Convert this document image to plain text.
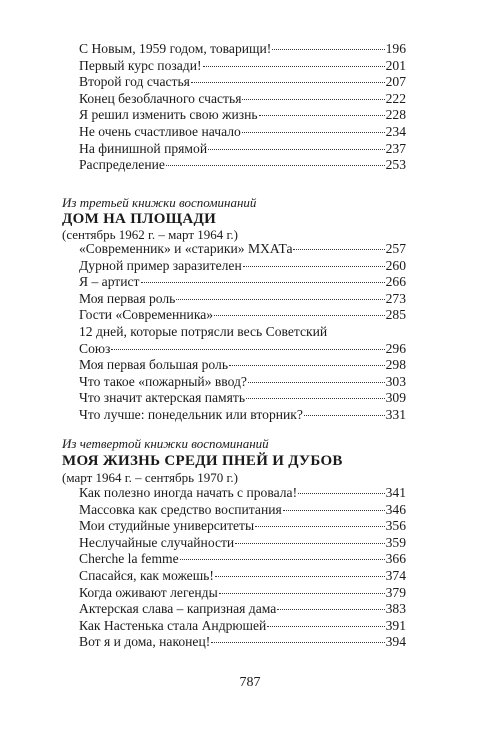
С Новым, 1959 годом, товарищи!	196
Первый курс позади!	201
Второй год счастья	207
Конец безоблачного счастья	222
Я решил изменить свою жизнь	228
Не очень счастливое начало	234
На финишной прямой	237
Распределение	253
Из третьей книжки воспоминаний
ДОМ НА ПЛОЩАДИ
(сентябрь 1962 г. – март 1964 г.)
«Современник» и «старики» МХАТа	257
Дурной пример заразителен	260
Я – артист	266
Моя первая роль	273
Гости «Современника»	285
12 дней, которые потрясли весь Советский
Союз	296
Моя первая большая роль	298
Что такое «пожарный» ввод?	303
Что значит актерская память	309
Что лучше: понедельник или вторник?	331
Из четвертой книжки воспоминаний
МОЯ ЖИЗНЬ СРЕДИ ПНЕЙ И ДУБОВ
(март 1964 г. – сентябрь 1970 г.)
Как полезно иногда начать с провала!	341
Массовка как средство воспитания	346
Мои студийные университеты	356
Неслучайные случайности	359
Cherche la femme	366
Спасайся, как можешь!	374
Когда оживают легенды	379
Актерская слава – капризная дама	383
Как Настенька стала Андрюшей	391
Вот я и дома, наконец!	394
787
